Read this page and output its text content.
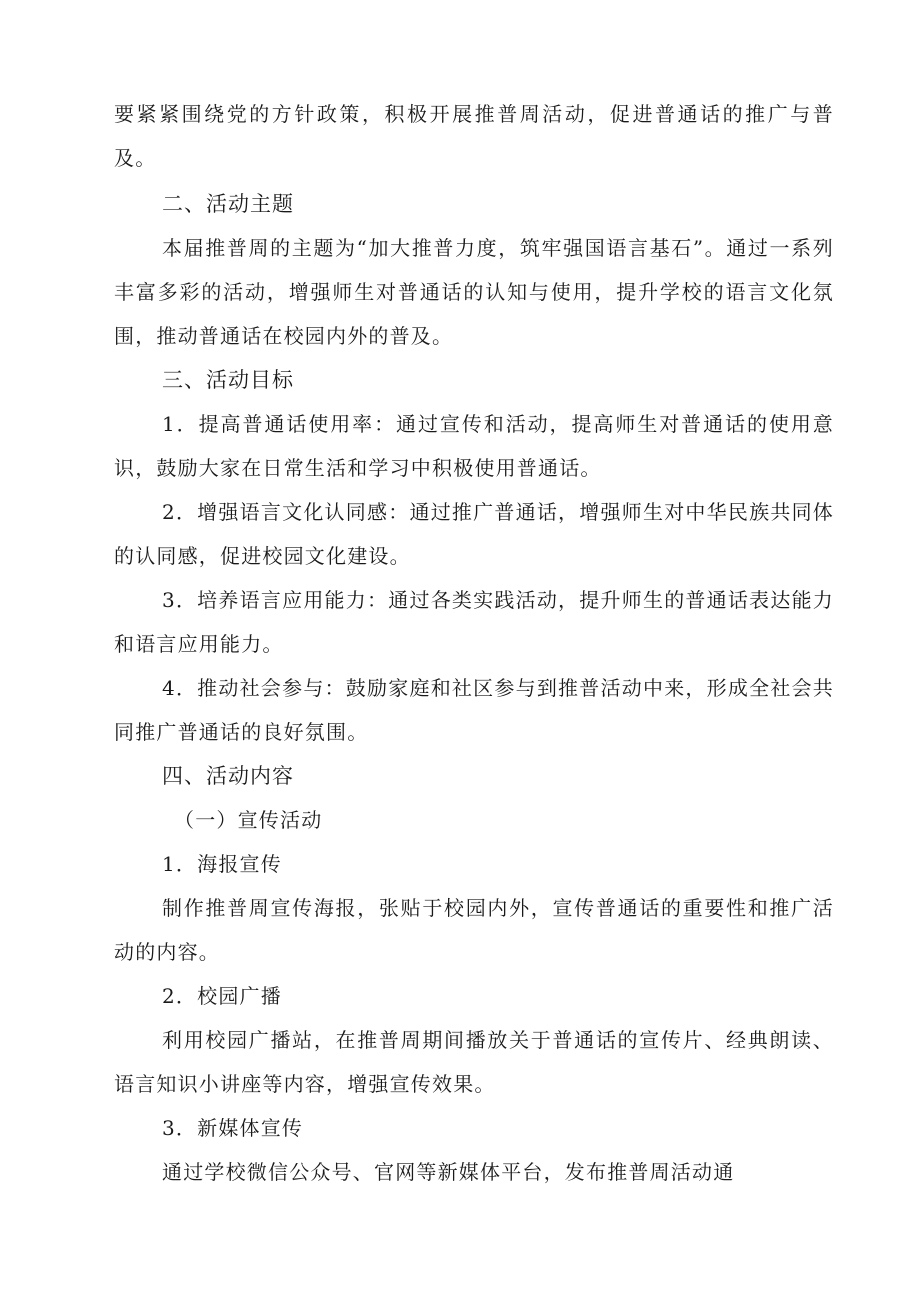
要紧紧围绕党的方针政策，积极开展推普周活动，促进普通话的推广与普及。

二、活动主题

本届推普周的主题为“加大推普力度，筑牢强国语言基石”。通过一系列丰富多彩的活动，增强师生对普通话的认知与使用，提升学校的语言文化氛围，推动普通话在校园内外的普及。

三、活动目标

1．提高普通话使用率：通过宣传和活动，提高师生对普通话的使用意识，鼓励大家在日常生活和学习中积极使用普通话。

2．增强语言文化认同感：通过推广普通话，增强师生对中华民族共同体的认同感，促进校园文化建设。

3．培养语言应用能力：通过各类实践活动，提升师生的普通话表达能力和语言应用能力。

4．推动社会参与：鼓励家庭和社区参与到推普活动中来，形成全社会共同推广普通话的良好氛围。

四、活动内容
（一）宣传活动
1．海报宣传

制作推普周宣传海报，张贴于校园内外，宣传普通话的重要性和推广活动的内容。

2．校园广播

利用校园广播站，在推普周期间播放关于普通话的宣传片、经典朗读、语言知识小讲座等内容，增强宣传效果。

3．新媒体宣传

通过学校微信公众号、官网等新媒体平台，发布推普周活动通
